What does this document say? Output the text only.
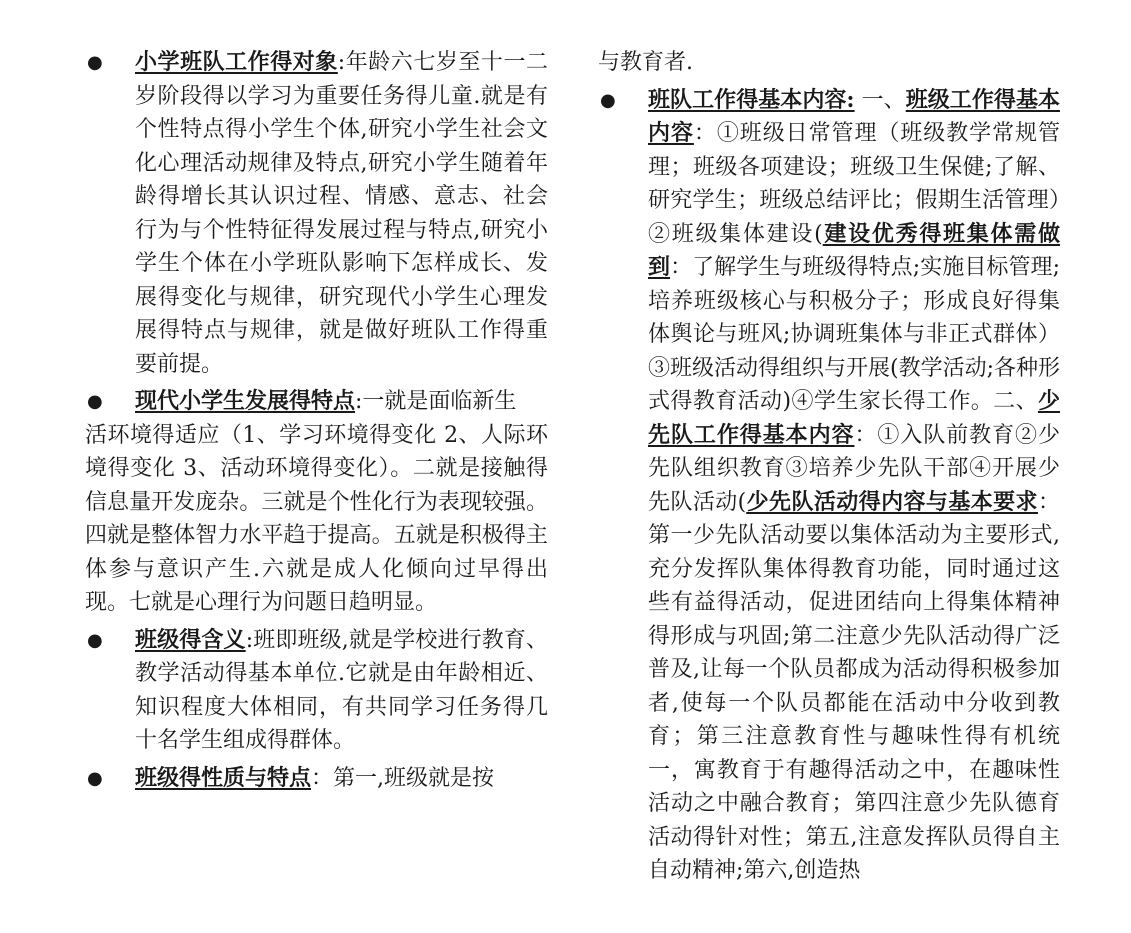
● 小学班队工作得对象:年龄六七岁至十一二岁阶段得以学习为重要任务得儿童.就是有个性特点得小学生个体,研究小学生社会文化心理活动规律及特点,研究小学生随着年龄得增长其认识过程、情感、意志、社会行为与个性特征得发展过程与特点,研究小学生个体在小学班队影响下怎样成长、发展得变化与规律，研究现代小学生心理发展得特点与规律，就是做好班队工作得重要前提。

● 现代小学生发展得特点:一就是面临新生

活环境得适应（1、学习环境得变化 2、人际环境得变化 3、活动环境得变化）。二就是接触得信息量开发庞杂。三就是个性化行为表现较强。四就是整体智力水平趋于提高。五就是积极得主体参与意识产生.六就是成人化倾向过早得出现。七就是心理行为问题日趋明显。

● 班级得含义:班即班级,就是学校进行教育、教学活动得基本单位.它就是由年龄相近、知识程度大体相同，有共同学习任务得几十名学生组成得群体。

● 班级得性质与特点：第一,班级就是按

与教育者.

● 班队工作得基本内容: 一、班级工作得基本内容：①班级日常管理（班级教学常规管理；班级各项建设；班级卫生保健;了解、研究学生；班级总结评比；假期生活管理）②班级集体建设(建设优秀得班集体需做到：了解学生与班级得特点;实施目标管理;培养班级核心与积极分子；形成良好得集体舆论与班风;协调班集体与非正式群体）③班级活动得组织与开展(教学活动;各种形式得教育活动)④学生家长得工作。二、少先队工作得基本内容：①入队前教育②少先队组织教育③培养少先队干部④开展少先队活动(少先队活动得内容与基本要求：第一少先队活动要以集体活动为主要形式,充分发挥队集体得教育功能，同时通过这些有益得活动，促进团结向上得集体精神得形成与巩固;第二注意少先队活动得广泛普及,让每一个队员都成为活动得积极参加者,使每一个队员都能在活动中分收到教育；第三注意教育性与趣味性得有机统一，寓教育于有趣得活动之中，在趣味性活动之中融合教育；第四注意少先队德育活动得针对性；第五,注意发挥队员得自主自动精神;第六,创造热
